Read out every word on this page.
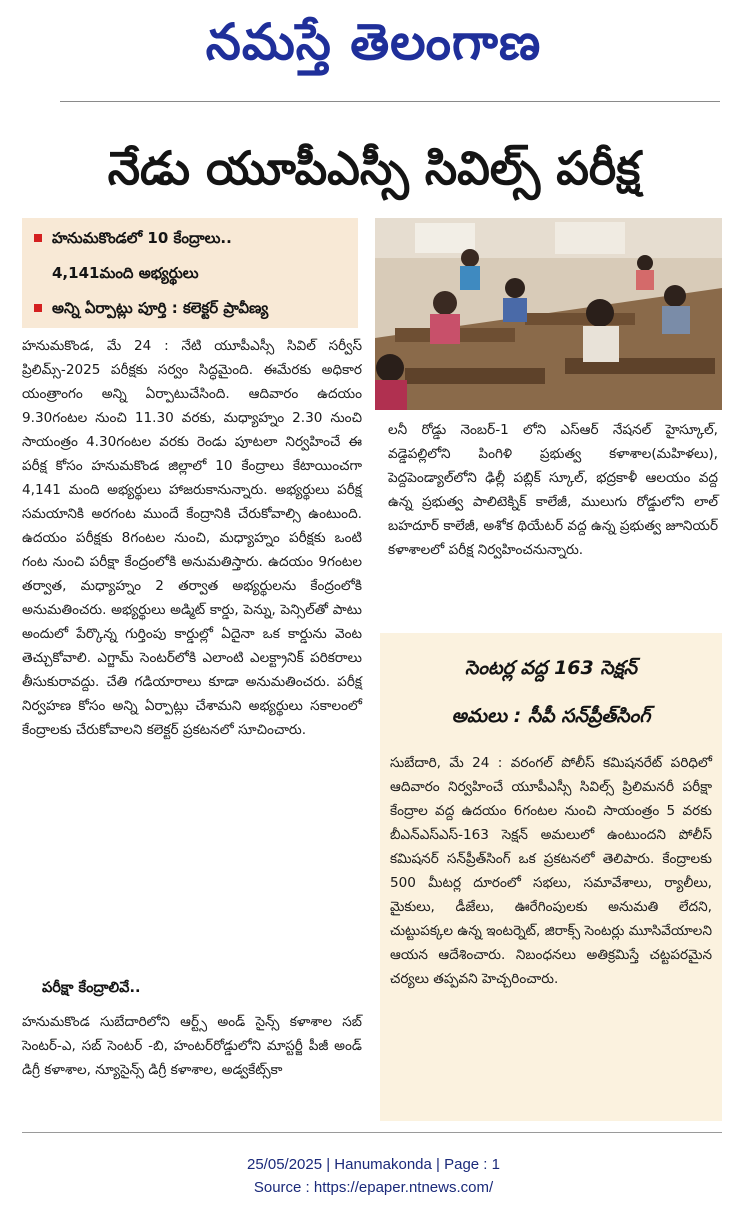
నమస్తే తెలంగాణ
నేడు యూపీఎస్సీ సివిల్స్ పరీక్ష
హనుమకొండలో 10 కేంద్రాలు..
4,141మంది అభ్యర్థులు
అన్ని ఏర్పాట్లు పూర్తి : కలెక్టర్ ప్రావీణ్య

హనుమకొండ, మే 24 : నేటి యూపీఎస్సీ సివిల్ సర్వీస్ ప్రిలిమ్స్-2025 పరీక్షకు సర్వం సిద్ధమైంది. ఈమేరకు అధికార యంత్రాంగం అన్ని ఏర్పాటుచేసింది. ఆదివారం ఉదయం 9.30గంటల నుంచి 11.30 వరకు, మధ్యాహ్నం 2.30 నుంచి సాయంత్రం 4.30గంటల వరకు రెండు పూటలా నిర్వహించే ఈ పరీక్ష కోసం హనుమకొండ జిల్లాలో 10 కేంద్రాలు కేటాయించగా 4,141 మంది అభ్యర్థులు హాజరుకానున్నారు. అభ్యర్థులు పరీక్ష సమయానికి అరగంట ముందే కేంద్రానికి చేరుకోవాల్సి ఉంటుంది. ఉదయం పరీక్షకు 8గంటల నుంచి, మధ్యాహ్నం పరీక్షకు ఒంటి గంట నుంచి పరీక్షా కేంద్రంలోకి అనుమతిస్తారు. ఉదయం 9గంటల తర్వాత, మధ్యాహ్నం 2 తర్వాత అభ్యర్థులను కేంద్రంలోకి అనుమతించరు. అభ్యర్థులు అడ్మిట్ కార్డు, పెన్ను, పెన్సిల్‌తో పాటు అందులో పేర్కొన్న గుర్తింపు కార్డుల్లో ఏదైనా ఒక కార్డును వెంట తెచ్చుకోవాలి. ఎగ్జామ్ సెంటర్‌లోకి ఎలాంటి ఎలక్ట్రానిక్ పరికరాలు తీసుకురావద్దు. చేతి గడియారాలు కూడా అనుమతించరు. పరీక్ష నిర్వహణ కోసం అన్ని ఏర్పాట్లు చేశామని అభ్యర్థులు సకాలంలో కేంద్రాలకు చేరుకోవాలని కలెక్టర్ ప్రకటనలో సూచించారు.

పరీక్షా కేంద్రాలివే..

హనుమకొండ సుబేదారిలోని ఆర్ట్స్ అండ్ సైన్స్ కళాశాల సబ్ సెంటర్-ఎ, సబ్ సెంటర్ -బి, హంటర్‌రోడ్డులోని మాస్టర్జీ పీజీ అండ్ డిగ్రీ కళాశాల, న్యూసైన్స్ డిగ్రీ కళాశాల, అడ్వకేట్స్‌కా

లనీ రోడ్డు నెంబర్-1 లోని ఎస్ఆర్ నేషనల్ హైస్కూల్, వడ్డెపల్లిలోని పింగిళి ప్రభుత్వ కళాశాల(మహిళలు), పెద్దపెండ్యాల్‌లోని ఢిల్లీ పబ్లిక్ స్కూల్, భద్రకాళీ ఆలయం వద్ద ఉన్న ప్రభుత్వ పాలిటెక్నిక్ కాలేజీ, ములుగు రోడ్డులోని లాల్ బహదూర్ కాలేజీ, అశోక థియేటర్ వద్ద ఉన్న ప్రభుత్వ జూనియర్ కళాశాలలో పరీక్ష నిర్వహించనున్నారు.

సెంటర్ల వద్ద 163 సెక్షన్
అమలు : సీపీ సన్‌ప్రీత్‌సింగ్

సుబేదారి, మే 24 : వరంగల్ పోలీస్ కమిషనరేట్ పరిధిలో ఆదివారం నిర్వహించే యూపీఎస్సీ సివిల్స్ ప్రిలిమనరీ పరీక్షా కేంద్రాల వద్ద ఉదయం 6గంటల నుంచి సాయంత్రం 5 వరకు బీఎన్ఎస్ఎస్-163 సెక్షన్ అమలులో ఉంటుందని పోలీస్ కమిషనర్ సన్‌ప్రీత్‌సింగ్ ఒక ప్రకటనలో తెలిపారు. కేంద్రాలకు 500 మీటర్ల దూరంలో సభలు, సమావేశాలు, ర్యాలీలు, మైకులు, డీజేలు, ఊరేగింపులకు అనుమతి లేదని, చుట్టుపక్కల ఉన్న ఇంటర్నెట్, జిరాక్స్ సెంటర్లు మూసివేయాలని ఆయన ఆదేశించారు. నిబంధనలు అతిక్రమిస్తే చట్టపరమైన చర్యలు తప్పవని హెచ్చరించారు.

25/05/2025 | Hanumakonda | Page : 1
Source : https://epaper.ntnews.com/
